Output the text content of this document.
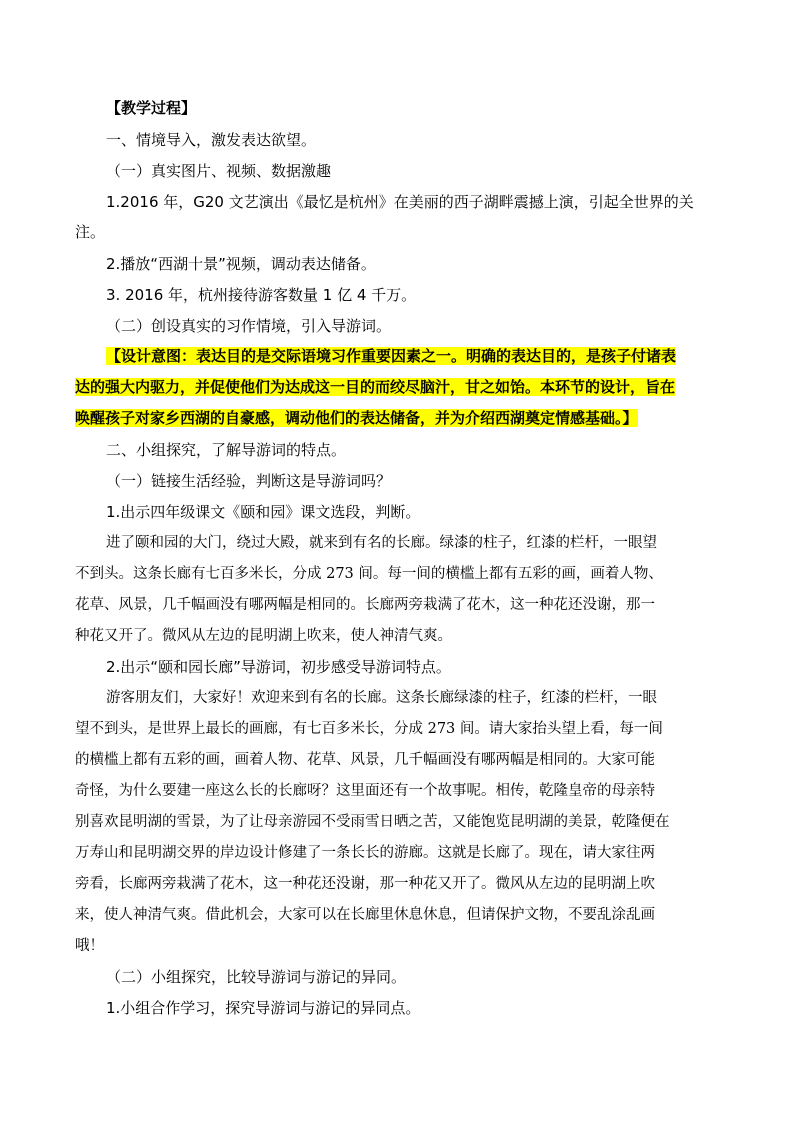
【教学过程】
一、情境导入，激发表达欲望。
（一）真实图片、视频、数据激趣
1.2016 年，G20 文艺演出《最忆是杭州》在美丽的西子湖畔震撼上演，引起全世界的关
注。
2.播放“西湖十景”视频，调动表达储备。
3. 2016 年，杭州接待游客数量 1 亿 4 千万。
（二）创设真实的习作情境，引入导游词。
【设计意图：表达目的是交际语境习作重要因素之一。明确的表达目的，是孩子付诸表
达的强大内驱力，并促使他们为达成这一目的而绞尽脑汁，甘之如饴。本环节的设计，旨在
唤醒孩子对家乡西湖的自豪感，调动他们的表达储备，并为介绍西湖奠定情感基础。】
二、小组探究，了解导游词的特点。
（一）链接生活经验，判断这是导游词吗？
1.出示四年级课文《颐和园》课文选段，判断。
进了颐和园的大门，绕过大殿，就来到有名的长廊。绿漆的柱子，红漆的栏杆，一眼望
不到头。这条长廊有七百多米长，分成 273 间。每一间的横槛上都有五彩的画，画着人物、
花草、风景，几千幅画没有哪两幅是相同的。长廊两旁栽满了花木，这一种花还没谢，那一
种花又开了。微风从左边的昆明湖上吹来，使人神清气爽。
2.出示“颐和园长廊”导游词，初步感受导游词特点。
游客朋友们，大家好！欢迎来到有名的长廊。这条长廊绿漆的柱子，红漆的栏杆，一眼
望不到头，是世界上最长的画廊，有七百多米长，分成 273 间。请大家抬头望上看，每一间
的横槛上都有五彩的画，画着人物、花草、风景，几千幅画没有哪两幅是相同的。大家可能
奇怪，为什么要建一座这么长的长廊呀？这里面还有一个故事呢。相传，乾隆皇帝的母亲特
别喜欢昆明湖的雪景，为了让母亲游园不受雨雪日晒之苦，又能饱览昆明湖的美景，乾隆便在
万寿山和昆明湖交界的岸边设计修建了一条长长的游廊。这就是长廊了。现在，请大家往两
旁看，长廊两旁栽满了花木，这一种花还没谢，那一种花又开了。微风从左边的昆明湖上吹
来，使人神清气爽。借此机会，大家可以在长廊里休息休息，但请保护文物，不要乱涂乱画
哦！
（二）小组探究，比较导游词与游记的异同。
1.小组合作学习，探究导游词与游记的异同点。
